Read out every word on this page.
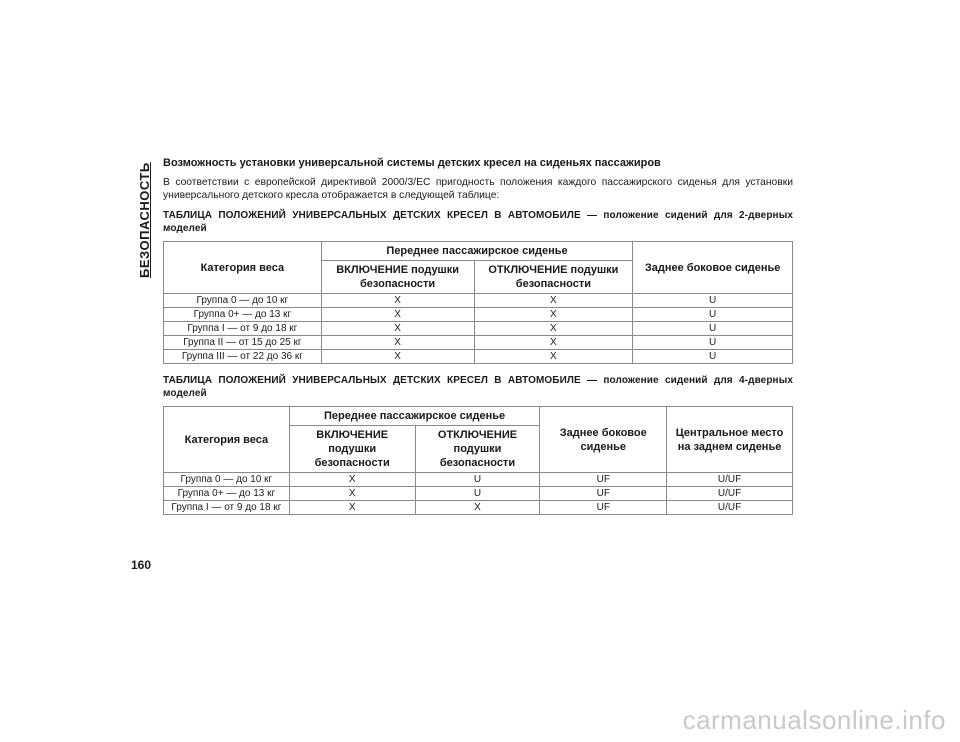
БЕЗОПАСНОСТЬ Возможность установки универсальной системы детских кресел на сиденьях пассажиров
В соответствии с европейской директивой 2000/3/EC пригодность положения каждого пассажирского сиденья для установки универсального детского кресла отображается в следующей таблице:
ТАБЛИЦА ПОЛОЖЕНИЙ УНИВЕРСАЛЬНЫХ ДЕТСКИХ КРЕСЕЛ В АВТОМОБИЛЕ — положение сидений для 2-дверных моделей
Категория веса	Переднее пассажирское сиденье		Заднее боковое сиденье
	ВКЛЮЧЕНИЕ подушки безопасности	ОТКЛЮЧЕНИЕ подушки безопасности	
Группа 0 — до 10 кг	X	X	U
Группа 0+ — до 13 кг	X	X	U
Группа I — от 9 до 18 кг	X	X	U
Группа II — от 15 до 25 кг	X	X	U
Группа III — от 22 до 36 кг	X	X	U
ТАБЛИЦА ПОЛОЖЕНИЙ УНИВЕРСАЛЬНЫХ ДЕТСКИХ КРЕСЕЛ В АВТОМОБИЛЕ — положение сидений для 4-дверных моделей
Категория веса	Переднее пассажирское сиденье		Заднее боковое сиденье	Центральное место на заднем сиденье
	ВКЛЮЧЕНИЕ подушки безопасности	ОТКЛЮЧЕНИЕ подушки безопасности		
Группа 0 — до 10 кг	X	U	UF	U/UF
Группа 0+ — до 13 кг	X	U	UF	U/UF
Группа I — от 9 до 18 кг	X	X	UF	U/UF
160
carmanualsonline.info
